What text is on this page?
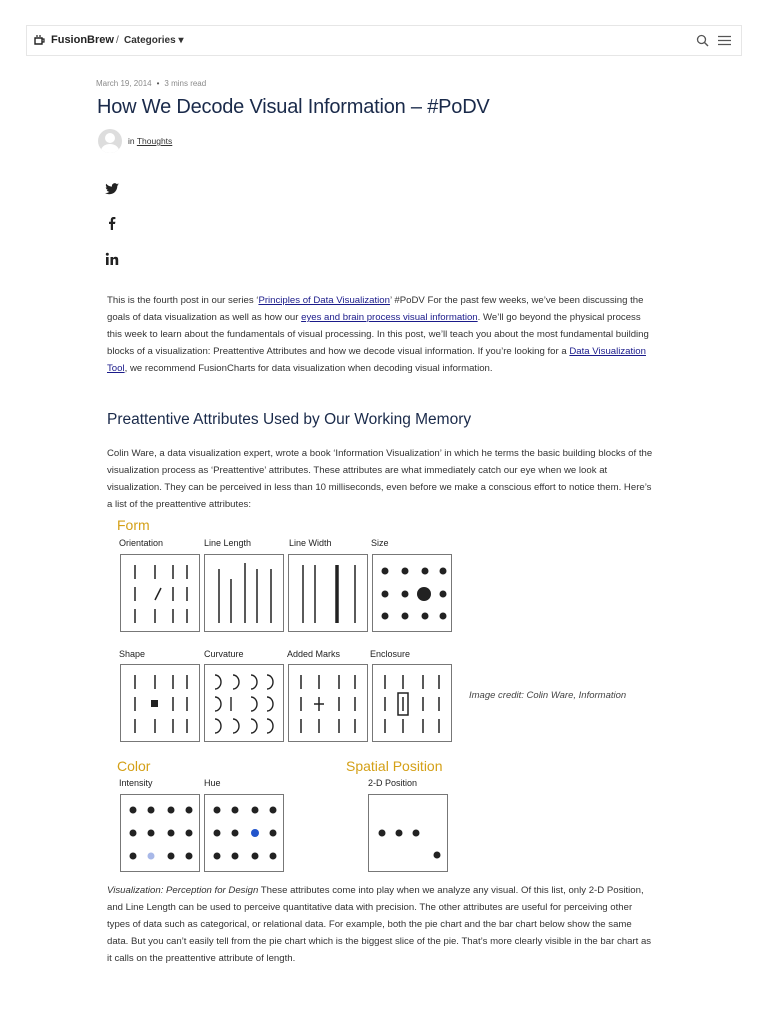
FusionBrew / Categories ▾
March 19, 2014 • 3 mins read
How We Decode Visual Information – #PoDV
in Thoughts
This is the fourth post in our series ‘Principles of Data Visualization’ #PoDV For the past few weeks, we’ve been discussing the goals of data visualization as well as how our eyes and brain process visual information. We’ll go beyond the physical process this week to learn about the fundamentals of visual processing. In this post, we’ll teach you about the most fundamental building blocks of a visualization: Preattentive Attributes and how we decode visual information. If you’re looking for a Data Visualization Tool, we recommend FusionCharts for data visualization when decoding visual information.
Preattentive Attributes Used by Our Working Memory
Colin Ware, a data visualization expert, wrote a book ‘Information Visualization’ in which he terms the basic building blocks of the visualization process as ‘Preattentive’ attributes. These attributes are what immediately catch our eye when we look at visualization. They can be perceived in less than 10 milliseconds, even before we make a conscious effort to notice them. Here’s a list of the preattentive attributes:
Form
Orientation	Line Length	Line Width	Size
Shape	Curvature	Added Marks	Enclosure
Color	Spatial Position
Intensity	Hue	2-D Position
Image credit: Colin Ware, Information
Visualization: Perception for Design These attributes come into play when we analyze any visual. Of this list, only 2-D Position, and Line Length can be used to perceive quantitative data with precision. The other attributes are useful for perceiving other types of data such as categorical, or relational data. For example, both the pie chart and the bar chart below show the same data. But you can’t easily tell from the pie chart which is the biggest slice of the pie. That’s more clearly visible in the bar chart as it calls on the preattentive attribute of length.
